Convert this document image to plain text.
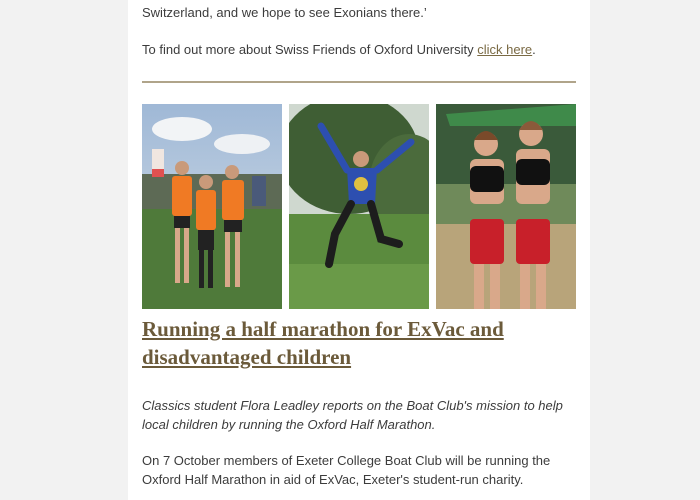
Switzerland, and we hope to see Exonians there.’

To find out more about Swiss Friends of Oxford University click here.

Running a half marathon for ExVac and disadvantaged children

Classics student Flora Leadley reports on the Boat Club's mission to help local children by running the Oxford Half Marathon.

On 7 October members of Exeter College Boat Club will be running the Oxford Half Marathon in aid of ExVac, Exeter's student-run charity.
